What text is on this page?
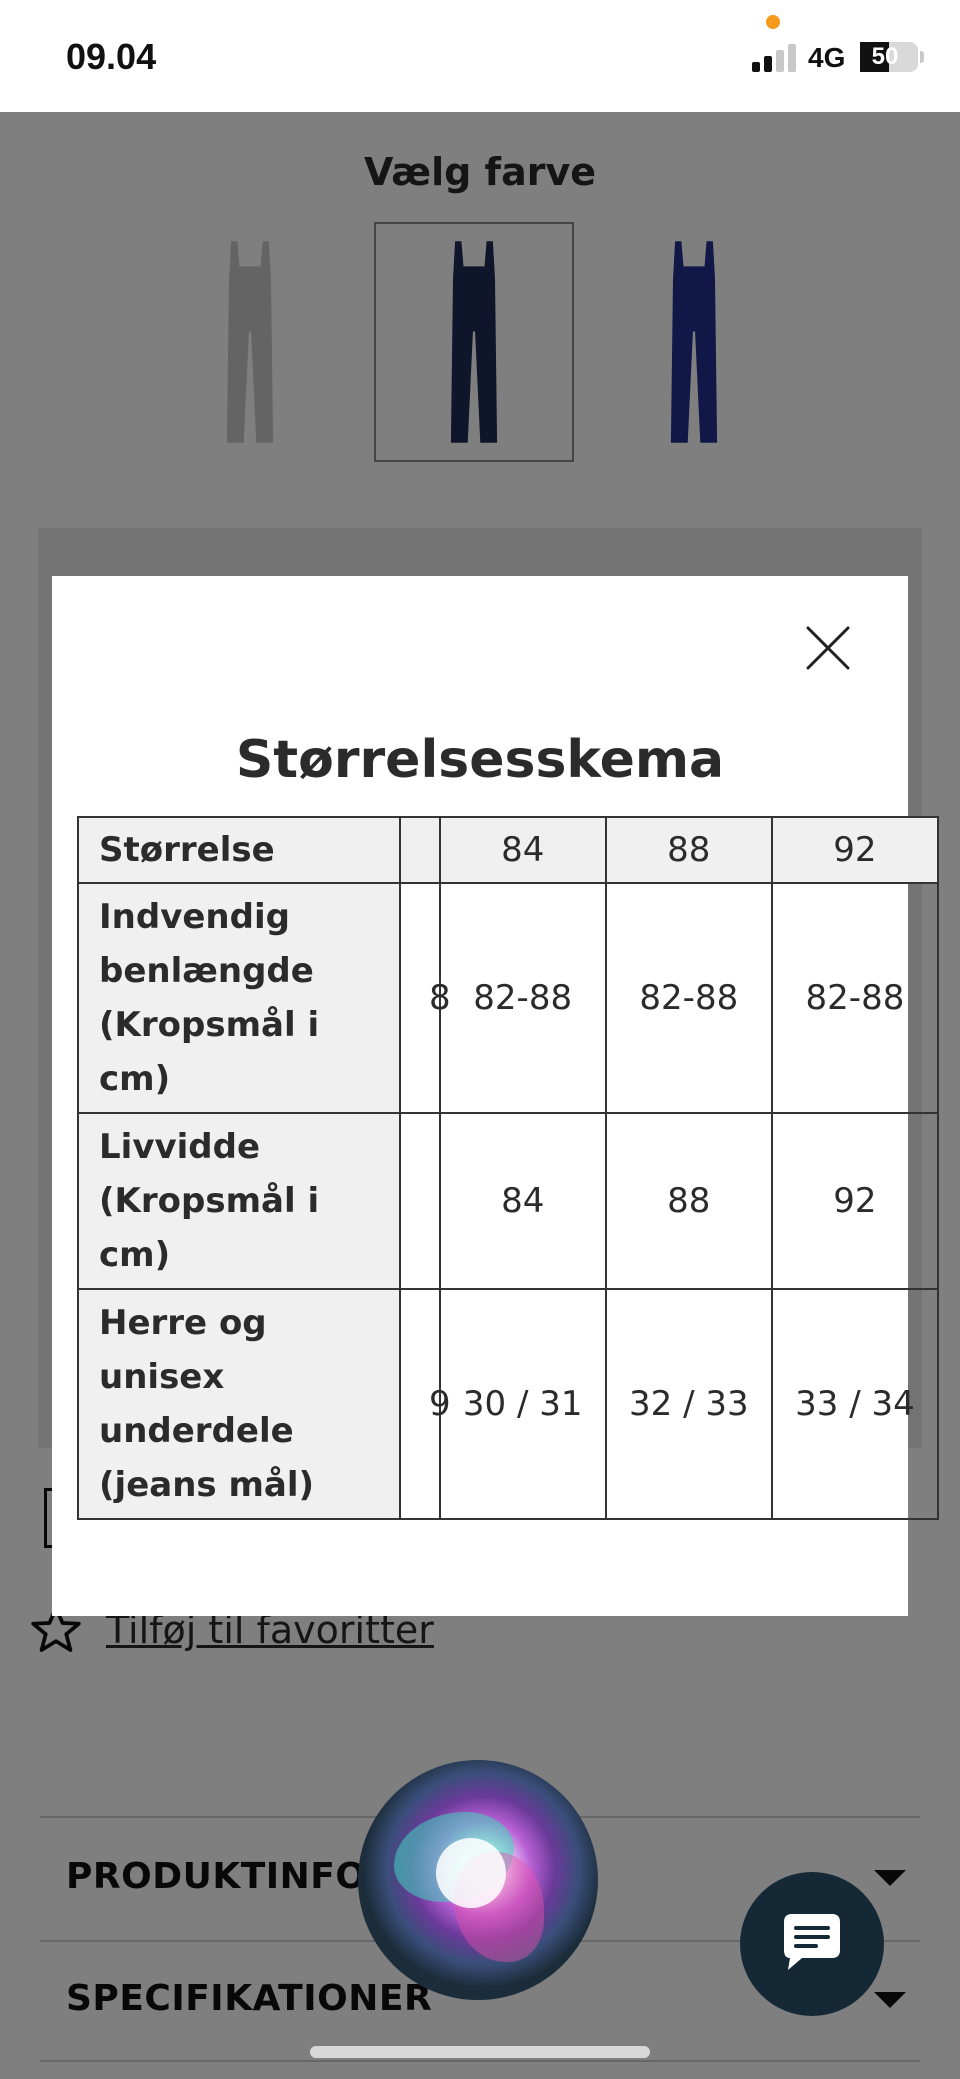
09.04	4G	50
Størrelsesskema
Størrelse		84	88	92
Indvendig benlængde (Kropsmål i cm)	8	82-88	82-88	82-88
Livvidde (Kropsmål i cm)		84	88	92
Herre og unisex underdele (jeans mål)	9	30 / 31	32 / 33	33 / 34
